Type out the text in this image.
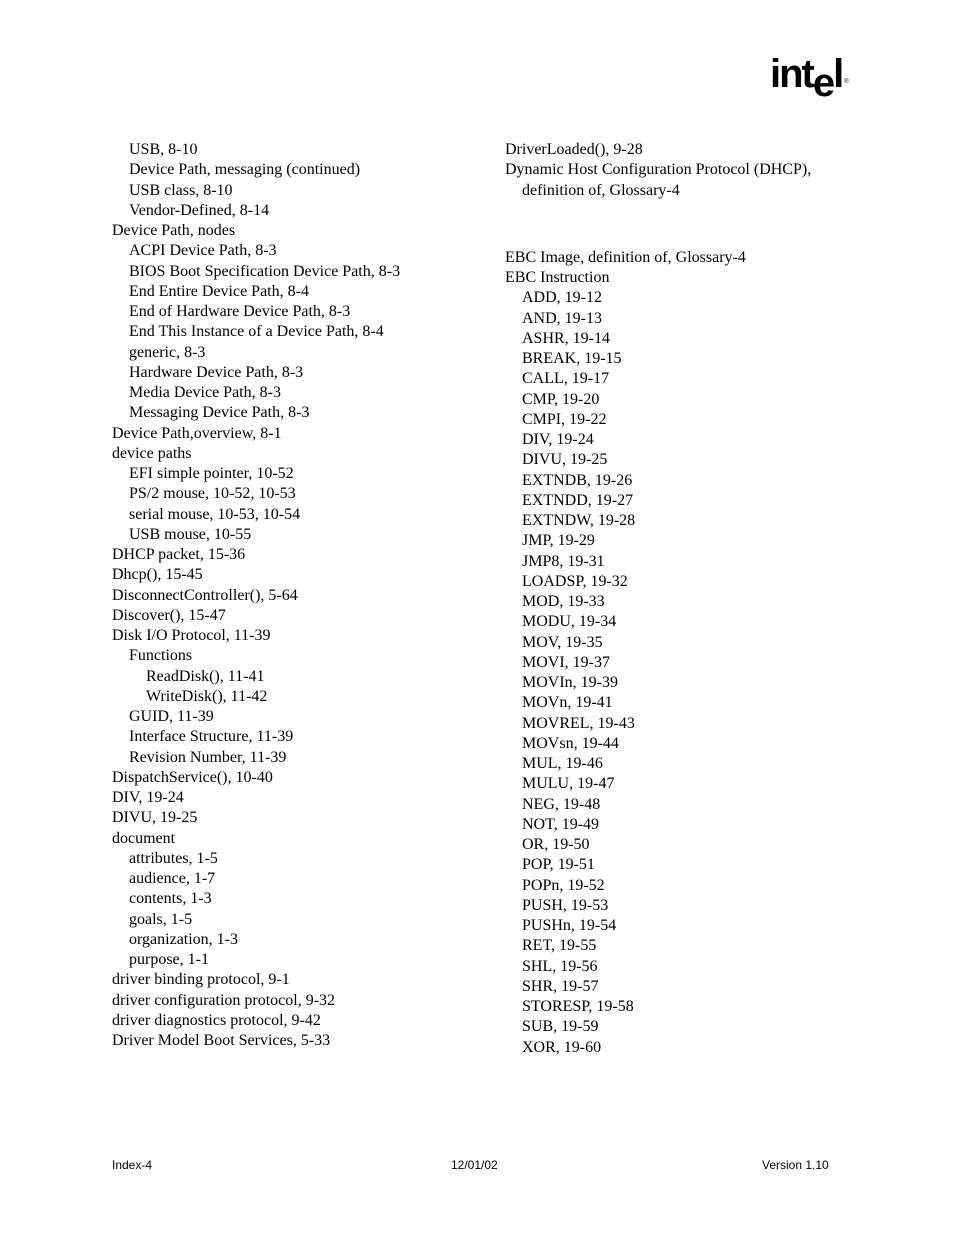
intel ®
USB, 8-10
Device Path, messaging (continued)
USB class, 8-10
Vendor-Defined, 8-14
Device Path, nodes
ACPI Device Path, 8-3
BIOS Boot Specification Device Path, 8-3
End Entire Device Path, 8-4
End of Hardware Device Path, 8-3
End This Instance of a Device Path, 8-4
generic, 8-3
Hardware Device Path, 8-3
Media Device Path, 8-3
Messaging Device Path, 8-3
Device Path,overview, 8-1
device paths
EFI simple pointer, 10-52
PS/2 mouse, 10-52, 10-53
serial mouse, 10-53, 10-54
USB mouse, 10-55
DHCP packet, 15-36
Dhcp(), 15-45
DisconnectController(), 5-64
Discover(), 15-47
Disk I/O Protocol, 11-39
Functions
ReadDisk(), 11-41
WriteDisk(), 11-42
GUID, 11-39
Interface Structure, 11-39
Revision Number, 11-39
DispatchService(), 10-40
DIV, 19-24
DIVU, 19-25
document
attributes, 1-5
audience, 1-7
contents, 1-3
goals, 1-5
organization, 1-3
purpose, 1-1
driver binding protocol, 9-1
driver configuration protocol, 9-32
driver diagnostics protocol, 9-42
Driver Model Boot Services, 5-33
DriverLoaded(), 9-28
Dynamic Host Configuration Protocol (DHCP),
definition of, Glossary-4
EBC Image, definition of, Glossary-4
EBC Instruction
ADD, 19-12
AND, 19-13
ASHR, 19-14
BREAK, 19-15
CALL, 19-17
CMP, 19-20
CMPI, 19-22
DIV, 19-24
DIVU, 19-25
EXTNDB, 19-26
EXTNDD, 19-27
EXTNDW, 19-28
JMP, 19-29
JMP8, 19-31
LOADSP, 19-32
MOD, 19-33
MODU, 19-34
MOV, 19-35
MOVI, 19-37
MOVIn, 19-39
MOVn, 19-41
MOVREL, 19-43
MOVsn, 19-44
MUL, 19-46
MULU, 19-47
NEG, 19-48
NOT, 19-49
OR, 19-50
POP, 19-51
POPn, 19-52
PUSH, 19-53
PUSHn, 19-54
RET, 19-55
SHL, 19-56
SHR, 19-57
STORESP, 19-58
SUB, 19-59
XOR, 19-60
Index-4	12/01/02	Version 1.10
